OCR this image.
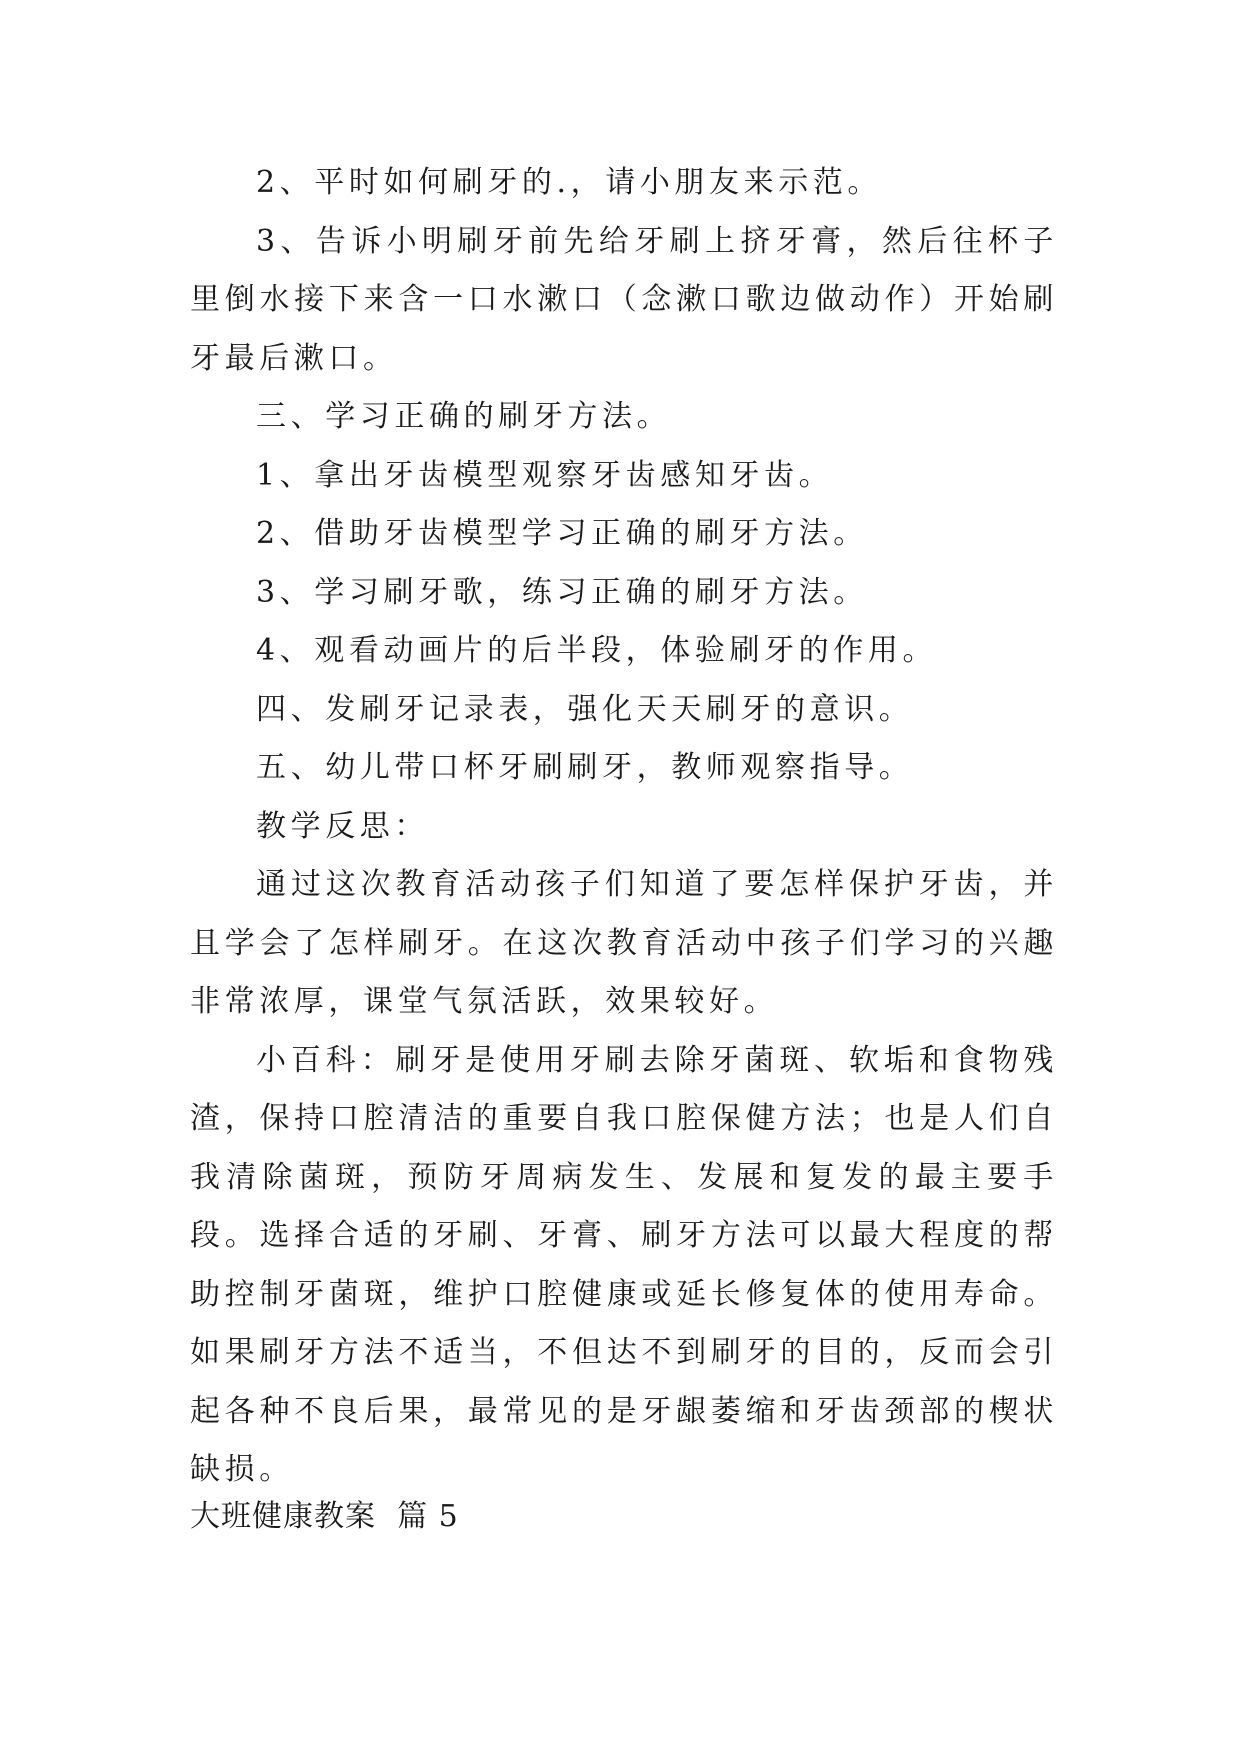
2、平时如何刷牙的.，请小朋友来示范。

3、告诉小明刷牙前先给牙刷上挤牙膏，然后往杯子里倒水接下来含一口水漱口（念漱口歌边做动作）开始刷牙最后漱口。

三、学习正确的刷牙方法。

1、拿出牙齿模型观察牙齿感知牙齿。

2、借助牙齿模型学习正确的刷牙方法。

3、学习刷牙歌，练习正确的刷牙方法。

4、观看动画片的后半段，体验刷牙的作用。

四、发刷牙记录表，强化天天刷牙的意识。

五、幼儿带口杯牙刷刷牙，教师观察指导。

教学反思：

通过这次教育活动孩子们知道了要怎样保护牙齿，并且学会了怎样刷牙。在这次教育活动中孩子们学习的兴趣非常浓厚，课堂气氛活跃，效果较好。

小百科：刷牙是使用牙刷去除牙菌斑、软垢和食物残渣，保持口腔清洁的重要自我口腔保健方法；也是人们自我清除菌斑，预防牙周病发生、发展和复发的最主要手段。选择合适的牙刷、牙膏、刷牙方法可以最大程度的帮助控制牙菌斑，维护口腔健康或延长修复体的使用寿命。如果刷牙方法不适当，不但达不到刷牙的目的，反而会引起各种不良后果，最常见的是牙龈萎缩和牙齿颈部的楔状缺损。

大班健康教案  篇 5
